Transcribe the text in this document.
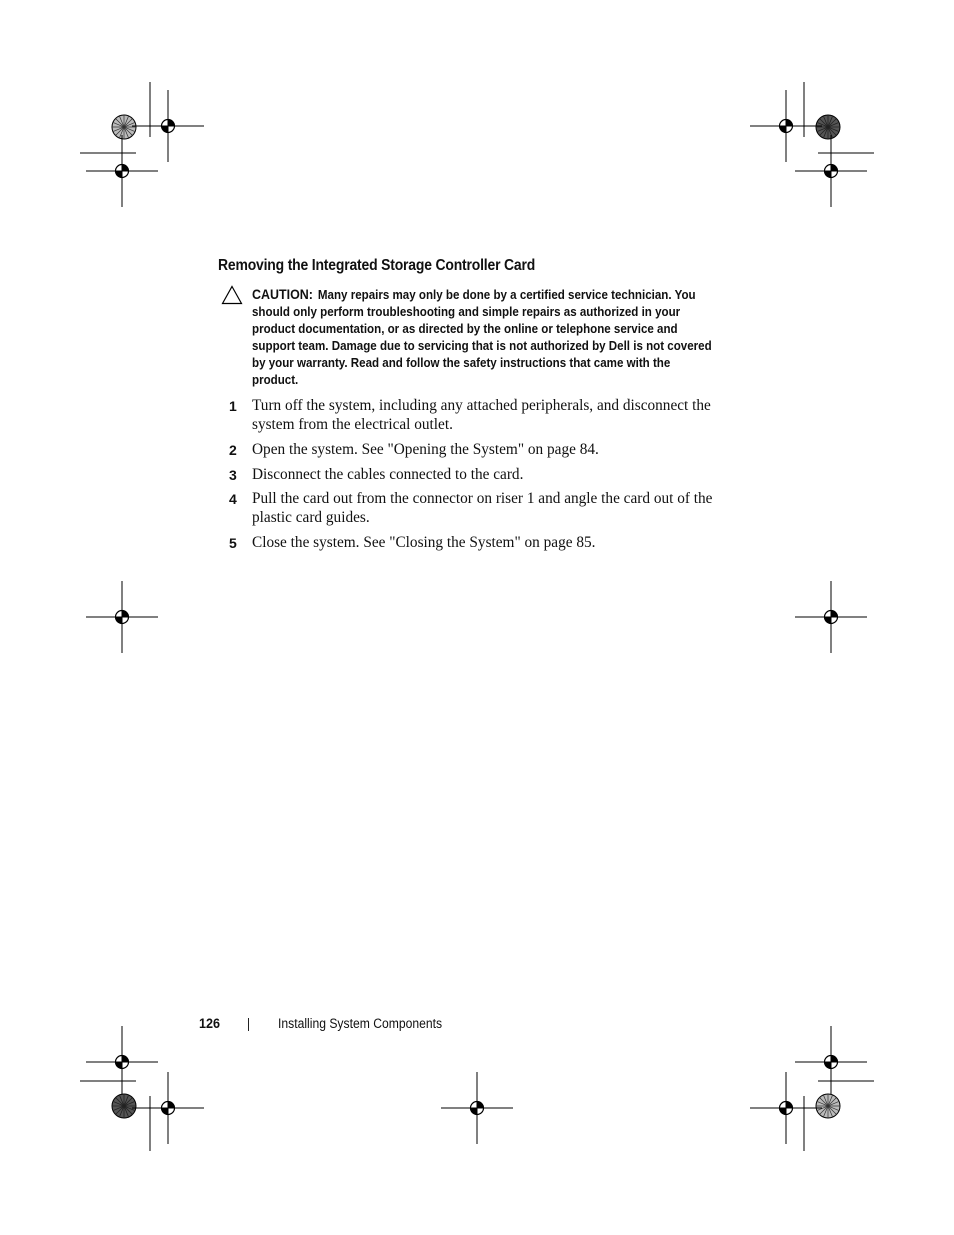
Removing the Integrated Storage Controller Card
CAUTION: Many repairs may only be done by a certified service technician. You should only perform troubleshooting and simple repairs as authorized in your product documentation, or as directed by the online or telephone service and support team. Damage due to servicing that is not authorized by Dell is not covered by your warranty. Read and follow the safety instructions that came with the product.
1 Turn off the system, including any attached peripherals, and disconnect the system from the electrical outlet.
2 Open the system. See "Opening the System" on page 84.
3 Disconnect the cables connected to the card.
4 Pull the card out from the connector on riser 1 and angle the card out of the plastic card guides.
5 Close the system. See "Closing the System" on page 85.
126	Installing System Components
